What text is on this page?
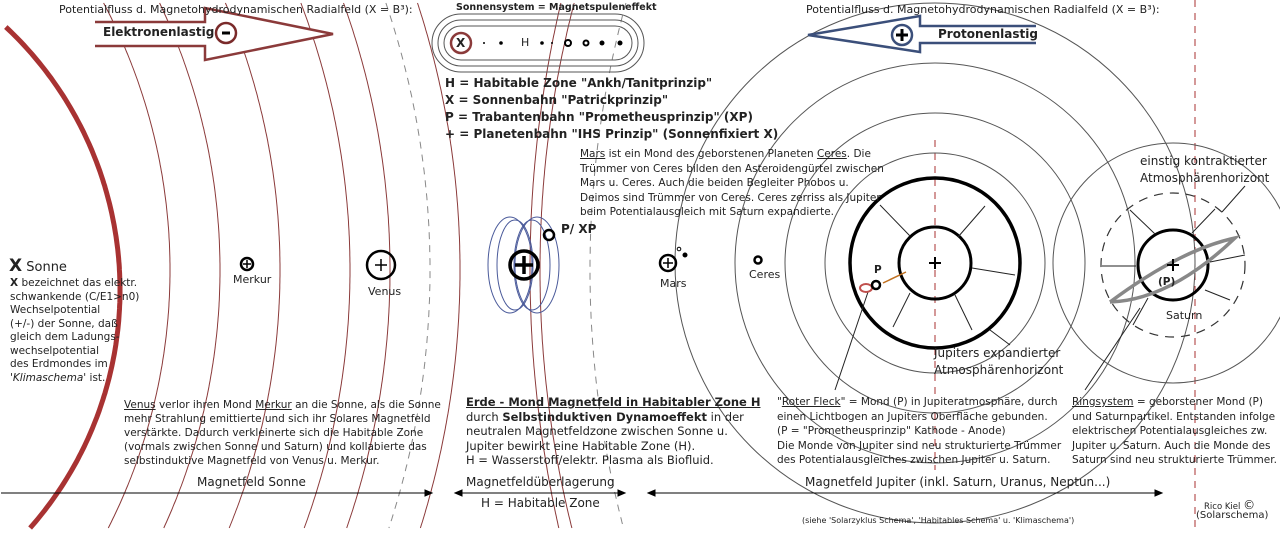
Potentialfluss d. Magnetohydrodynamischen Radialfeld (X = B³):
Elektronenlastig
Potentialfluss d. Magnetohydrodynamischen Radialfeld (X = B³):
Protonenlastig
Sonnensystem = Magnetspuleneffekt
X	H
H = Habitable Zone "Ankh/Tanitprinzip"
X = Sonnenbahn "Patrickprinzip"
P = Trabantenbahn "Prometheusprinzip" (XP)
+ = Planetenbahn "IHS Prinzip" (Sonnenfixiert X)
X Sonne
X bezeichnet das elektr.
schwankende (C/E1>n0)
Wechselpotential
(+/-) der Sonne, daß
gleich dem Ladungs-
wechselpotential
des Erdmondes im
'Klimaschema' ist.
Merkur
Venus
P/ XP
Mars
Ceres	P
(P)
Saturn
Mars ist ein Mond des geborstenen Planeten Ceres. Die
Trümmer von Ceres bilden den Asteroidengürtel zwischen
Mars u. Ceres. Auch die beiden Begleiter Phobos u.
Deimos sind Trümmer von Ceres. Ceres zerriss als Jupiter
beim Potentialausgleich mit Saturn expandierte.
einstig kontraktierter
Atmosphärenhorizont
Jupiters expandierter
Atmosphärenhorizont
Venus verlor ihren Mond Merkur an die Sonne, als die Sonne
mehr Strahlung emittierte und sich ihr Solares Magnetfeld
verstärkte. Dadurch verkleinerte sich die Habitable Zone
(vormals zwischen Sonne und Saturn) und kollabierte das
selbstinduktive Magnetfeld von Venus u. Merkur.
Erde - Mond Magnetfeld in Habitabler Zone H
durch Selbstinduktiven Dynamoeffekt in der
neutralen Magnetfeldzone zwischen Sonne u.
Jupiter bewirkt eine Habitable Zone (H).
H = Wasserstoff/elektr. Plasma als Biofluid.
"Roter Fleck" = Mond (P) in Jupiteratmosphäre, durch
einen Lichtbogen an Jupiters Oberfläche gebunden.
(P = "Prometheusprinzip" Kathode - Anode)
Die Monde von Jupiter sind neu strukturierte Trümmer
des Potentialausgleiches zwischen Jupiter u. Saturn.
Ringsystem = geborstener Mond (P)
und Saturnpartikel. Entstanden infolge
elektrischen Potentialausgleiches zw.
Jupiter u. Saturn. Auch die Monde des
Saturn sind neu strukturierte Trümmer.
Magnetfeld Sonne	Magnetfeldüberlagerung
H = Habitable Zone
Magnetfeld Jupiter (inkl. Saturn, Uranus, Neptun...)
(siehe 'Solarzyklus Schema', 'Habitables Schema' u. 'Klimaschema')
Rico Kiel ©
(Solarschema)
